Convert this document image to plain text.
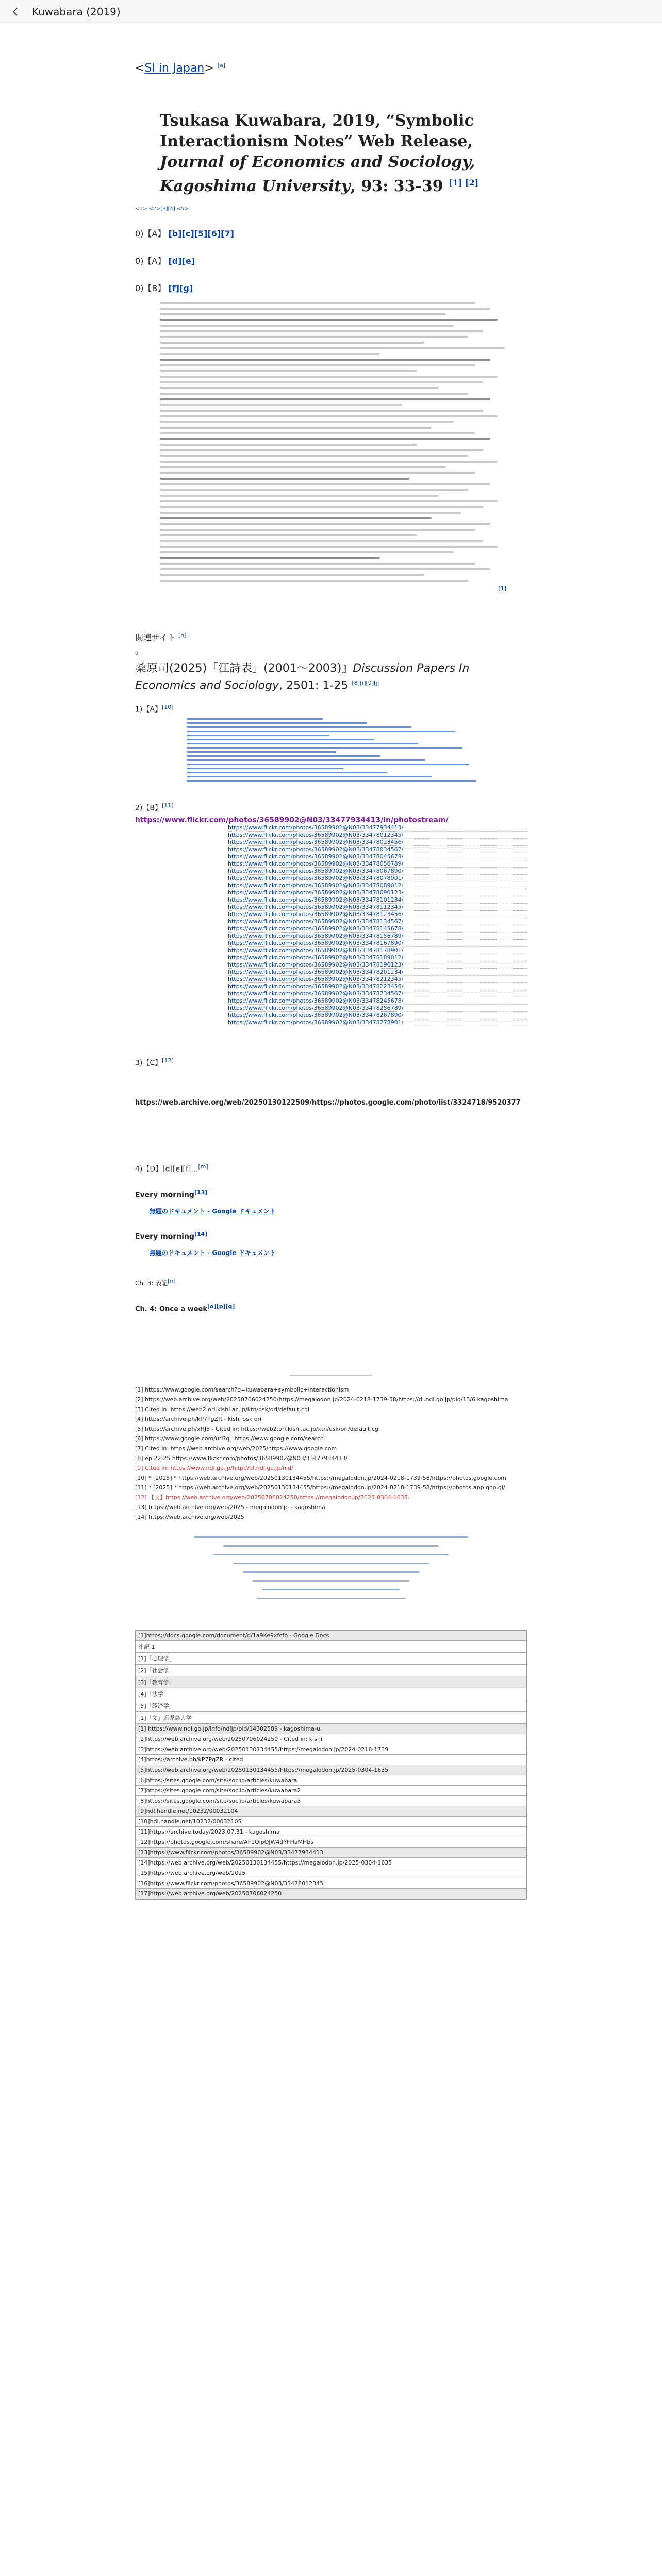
Kuwabara (2019)
<SI in Japan> [a]
Tsukasa Kuwabara, 2019, “Symbolic Interactionism Notes” Web Release, Journal of Economics and Sociology, Kagoshima University, 93: 33-39 [1] [2]
<1> <2>[3][4] <5>
0)【A】 [b][c][5][6][7]
0)【A】 [d][e]
0)【B】 [f][g]
[1]
関連サイト [h]
0
桑原司(2025)「江詩表」(2001〜2003)』Discussion Papers In Economics and Sociology, 2501: 1-25 [8][i][9][j]
1)【A】[10]
2)【B】[11]
https://www.flickr.com/photos/36589902@N03/33477934413/in/photostream/
https://www.flickr.com/photos/36589902@N03/33477934413/
https://www.flickr.com/photos/36589902@N03/33478012345/
https://www.flickr.com/photos/36589902@N03/33478023456/
https://www.flickr.com/photos/36589902@N03/33478034567/
https://www.flickr.com/photos/36589902@N03/33478045678/
https://www.flickr.com/photos/36589902@N03/33478056789/
https://www.flickr.com/photos/36589902@N03/33478067890/
https://www.flickr.com/photos/36589902@N03/33478078901/
https://www.flickr.com/photos/36589902@N03/33478089012/
https://www.flickr.com/photos/36589902@N03/33478090123/
https://www.flickr.com/photos/36589902@N03/33478101234/
https://www.flickr.com/photos/36589902@N03/33478112345/
https://www.flickr.com/photos/36589902@N03/33478123456/
https://www.flickr.com/photos/36589902@N03/33478134567/
https://www.flickr.com/photos/36589902@N03/33478145678/
https://www.flickr.com/photos/36589902@N03/33478156789/
https://www.flickr.com/photos/36589902@N03/33478167890/
https://www.flickr.com/photos/36589902@N03/33478178901/
https://www.flickr.com/photos/36589902@N03/33478189012/
https://www.flickr.com/photos/36589902@N03/33478190123/
https://www.flickr.com/photos/36589902@N03/33478201234/
https://www.flickr.com/photos/36589902@N03/33478212345/
https://www.flickr.com/photos/36589902@N03/33478223456/
https://www.flickr.com/photos/36589902@N03/33478234567/
https://www.flickr.com/photos/36589902@N03/33478245678/
https://www.flickr.com/photos/36589902@N03/33478256789/
https://www.flickr.com/photos/36589902@N03/33478267890/
https://www.flickr.com/photos/36589902@N03/33478278901/
3)【C】[12]
https://web.archive.org/web/20250130122509/https://photos.google.com/photo/list/3324718/9520377
4)【D】[d][e][f]…[m]
Every morning[13]
無題のドキュメント - Google ドキュメント
Every morning[14]
無題のドキュメント - Google ドキュメント
Ch. 3: 表記[n]
Ch. 4: Once a week[o][p][q]
[1] https://www.google.com/search?q=kuwabara+symbolic+interactionism
[2] https://web.archive.org/web/20250706024250/https://megalodon.jp/2024-0218-1739-58/https://dl.ndl.go.jp/pid/13/6 kagoshima
[3] Cited in: https://web2.ori.kishi.ac.jp/ktn/osk/ori/default.cgi
[4] https://archive.ph/kP7PgZR - kishi osk ori
[5] https://archive.ph/xHJ5 - Cited in: https://web2.ori.kishi.ac.jp/ktn/osk/ori/default.cgi
[6] https://www.google.com/url?q=https://www.google.com/search
[7] Cited in: https://web.archive.org/web/2025/https://www.google.com
[8] ep.22-25 https://www.flickr.com/photos/36589902@N03/33477934413/
[9] Cited in: https://www.ndl.go.jp/hitp://dl.ndl.go.jp/nid/
[10] * [2025] * https://web.archive.org/web/20250130134455/https://megalodon.jp/2024-0218-1739-58/https://photos.google.com
[11] * [2025] * https://web.archive.org/web/20250130134455/https://megalodon.jp/2024-0218-1739-58/https://photos.app.goo.gl/
[12] 【文】https://web.archive.org/web/20250706024250/https://megalodon.jp/2025-0304-1635-
[13] https://web.archive.org/web/2025 - megalodon.jp - kagoshima
[14] https://web.archive.org/web/2025
[1]https://docs.google.com/document/d/1a9Ke9xfcfo - Google Docs
注記 1
[1]「心理学」
[2]「社会学」
[3]「教育学」
[4]「法学」
[5]「経済学」
[1]「文」鹿児島大学
[1] https://www.ndl.go.jp/info/ndljp/pid/14302589 - kagoshima-u
[2]https://web.archive.org/web/20250706024250 - Cited in: kishi
[3]https://web.archive.org/web/20250130134455/https://megalodon.jp/2024-0218-1739
[4]https://archive.ph/kP7PgZR - cited
[5]https://web.archive.org/web/20250130134455/https://megalodon.jp/2025-0304-1635
[6]https://sites.google.com/site/soclio/articles/kuwabara
[7]https://sites.google.com/site/soclio/articles/kuwabara2
[8]https://sites.google.com/site/soclio/articles/kuwabara3
[9]hdl.handle.net/10232/00032104
[10]hdl.handle.net/10232/00032105
[11]https://archive.today/2023.07.31 - kagoshima
[12]https://photos.google.com/share/AF1QipOJW4dYFHaMHbs
[13]https://www.flickr.com/photos/36589902@N03/33477934413
[14]https://web.archive.org/web/20250130134455/https://megalodon.jp/2025-0304-1635
[15]https://web.archive.org/web/2025
[16]https://www.flickr.com/photos/36589902@N03/33478012345
[17]https://web.archive.org/web/20250706024250
